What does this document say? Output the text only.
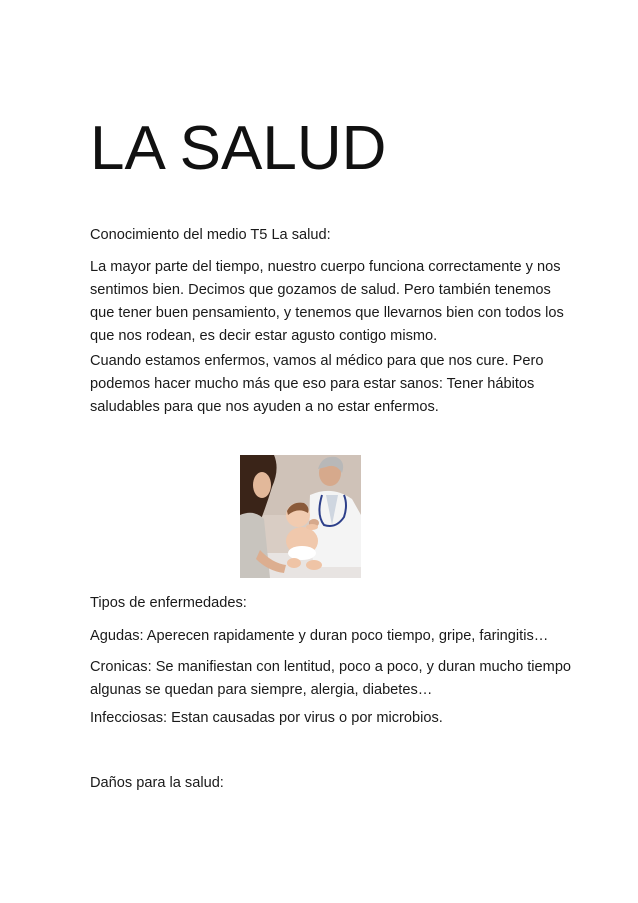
LA SALUD
Conocimiento del medio T5 La salud:
La mayor parte del tiempo, nuestro cuerpo funciona correctamente y nos
sentimos bien. Decimos que gozamos de salud. Pero también tenemos
que tener buen pensamiento, y tenemos que llevarnos bien con todos los
que nos rodean, es decir estar agusto contigo mismo.
Cuando estamos enfermos, vamos al médico para que nos cure. Pero
podemos hacer mucho más que eso para estar sanos: Tener hábitos
saludables para que nos ayuden a no estar enfermos.
Tipos de enfermedades:
Agudas: Aperecen rapidamente y duran poco tiempo, gripe, faringitis…
Cronicas: Se manifiestan con lentitud, poco a poco, y duran mucho tiempo
algunas se quedan para siempre, alergia, diabetes…
Infecciosas: Estan causadas por virus o por microbios.
Daños para la salud:
